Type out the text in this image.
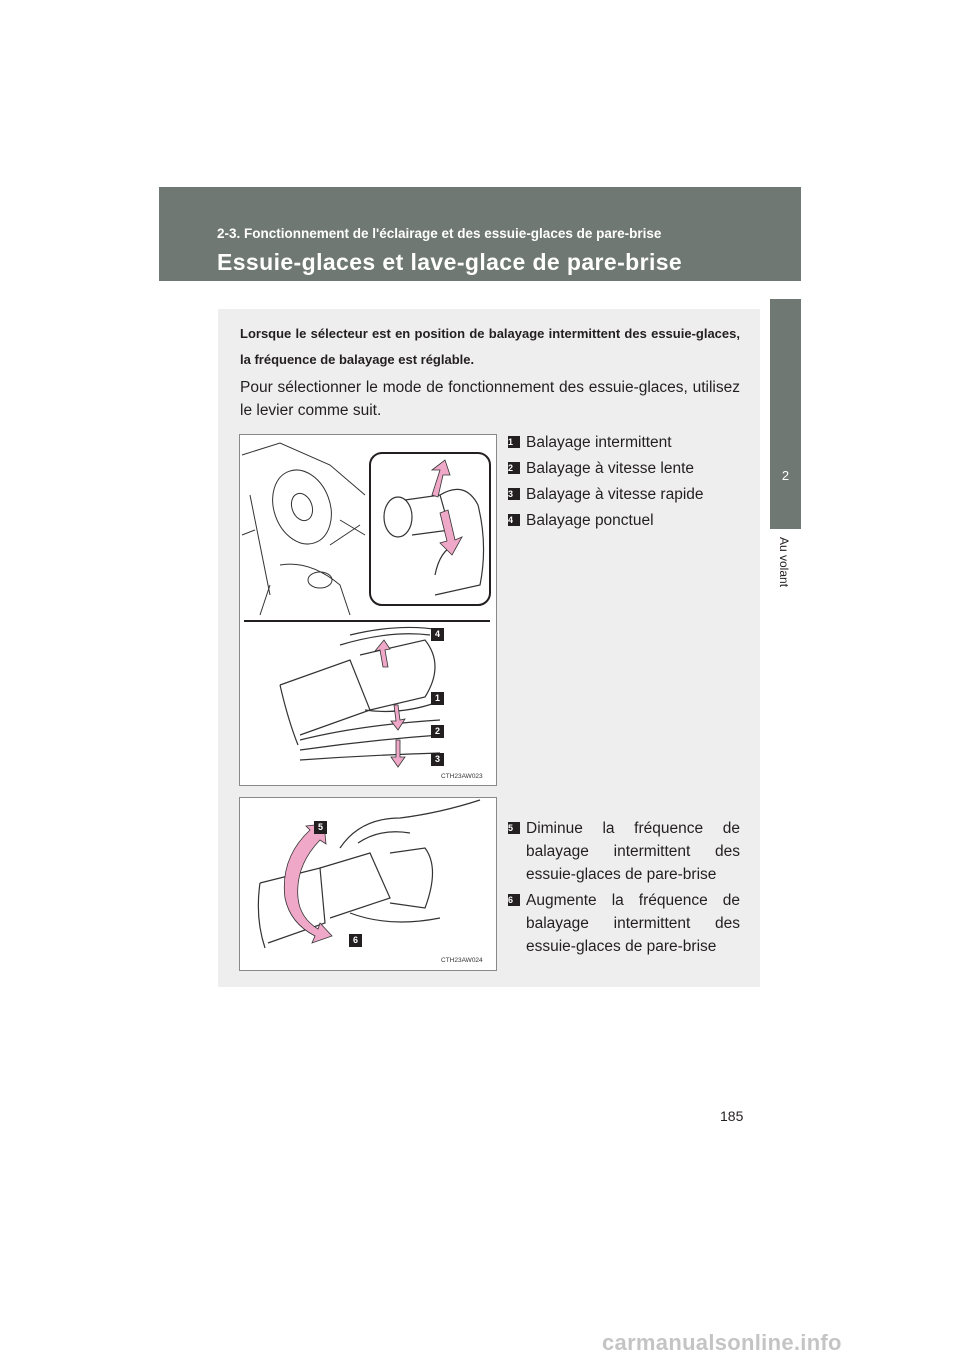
2-3. Fonctionnement de l'éclairage et des essuie-glaces de pare-brise
Essuie-glaces et lave-glace de pare-brise
2
Au volant
Lorsque le sélecteur est en position de balayage intermittent des essuie-glaces, la fréquence de balayage est réglable.
Pour sélectionner le mode de fonctionnement des essuie-glaces, utilisez le levier comme suit.
4
1
2
3
CTH23AW023
1 Balayage intermittent
2 Balayage à vitesse lente
3 Balayage à vitesse rapide
4 Balayage ponctuel
5
6
CTH23AW024
5 Diminue la fréquence de balayage intermittent des essuie-glaces de pare-brise
6 Augmente la fréquence de balayage intermittent des essuie-glaces de pare-brise
185
carmanualsonline.info
